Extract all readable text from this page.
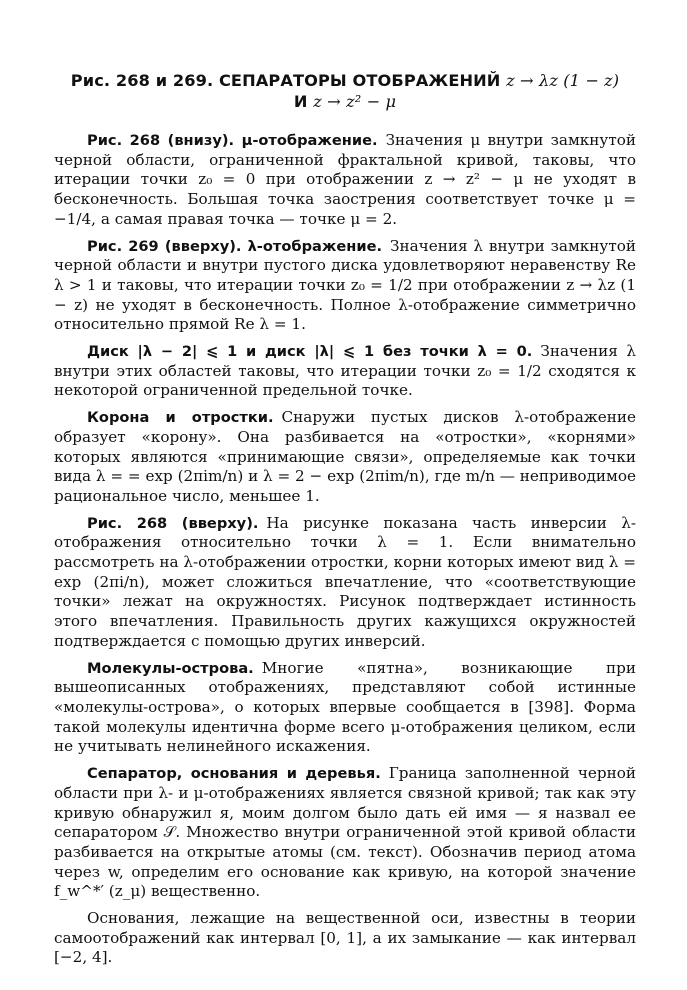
Рис. 268 и 269. СЕПАРАТОРЫ ОТОБРАЖЕНИЙ z → λz (1 − z)
И z → z² − μ

Рис. 268 (внизу). μ-отображение. Значения μ внутри замкнутой черной области, ограниченной фрактальной кривой, таковы, что итерации точки z₀ = 0 при отображении z → z² − μ не уходят в бесконечность. Большая точка заострения соответствует точке μ = −1/4, а самая правая точка — точке μ = 2.

Рис. 269 (вверху). λ-отображение. Значения λ внутри замкнутой черной области и внутри пустого диска удовлетворяют неравенству Re λ > 1 и таковы, что итерации точки z₀ = 1/2 при отображении z → λz (1 − z) не уходят в бесконечность. Полное λ-отображение симметрично относительно прямой Re λ = 1.

Диск |λ − 2| ⩽ 1 и диск |λ| ⩽ 1 без точки λ = 0. Значения λ внутри этих областей таковы, что итерации точки z₀ = 1/2 сходятся к некоторой ограниченной предельной точке.

Корона и отростки. Снаружи пустых дисков λ-отображение образует «корону». Она разбивается на «отростки», «корнями» которых являются «принимающие связи», определяемые как точки вида λ = = exp (2πim/n) и λ = 2 − exp (2πim/n), где m/n — неприводимое рациональное число, меньшее 1.

Рис. 268 (вверху). На рисунке показана часть инверсии λ-отображения относительно точки λ = 1. Если внимательно рассмотреть на λ-отображении отростки, корни которых имеют вид λ = exp (2πi/n), может сложиться впечатление, что «соответствующие точки» лежат на окружностях. Рисунок подтверждает истинность этого впечатления. Правильность других кажущихся окружностей подтверждается с помощью других инверсий.

Молекулы-острова. Многие «пятна», возникающие при вышеописанных отображениях, представляют собой истинные «молекулы-острова», о которых впервые сообщается в [398]. Форма такой молекулы идентична форме всего μ-отображения целиком, если не учитывать нелинейного искажения.

Сепаратор, основания и деревья. Граница заполненной черной области при λ- и μ-отображениях является связной кривой; так как эту кривую обнаружил я, моим долгом было дать ей имя — я назвал ее сепаратором 𝒮. Множество внутри ограниченной этой кривой области разбивается на открытые атомы (см. текст). Обозначив период атома через w, определим его основание как кривую, на которой значение f_w^*′ (z_μ) вещественно.

Основания, лежащие на вещественной оси, известны в теории самоотображений как интервал [0, 1], а их замыкание — как интервал [−2, 4].
